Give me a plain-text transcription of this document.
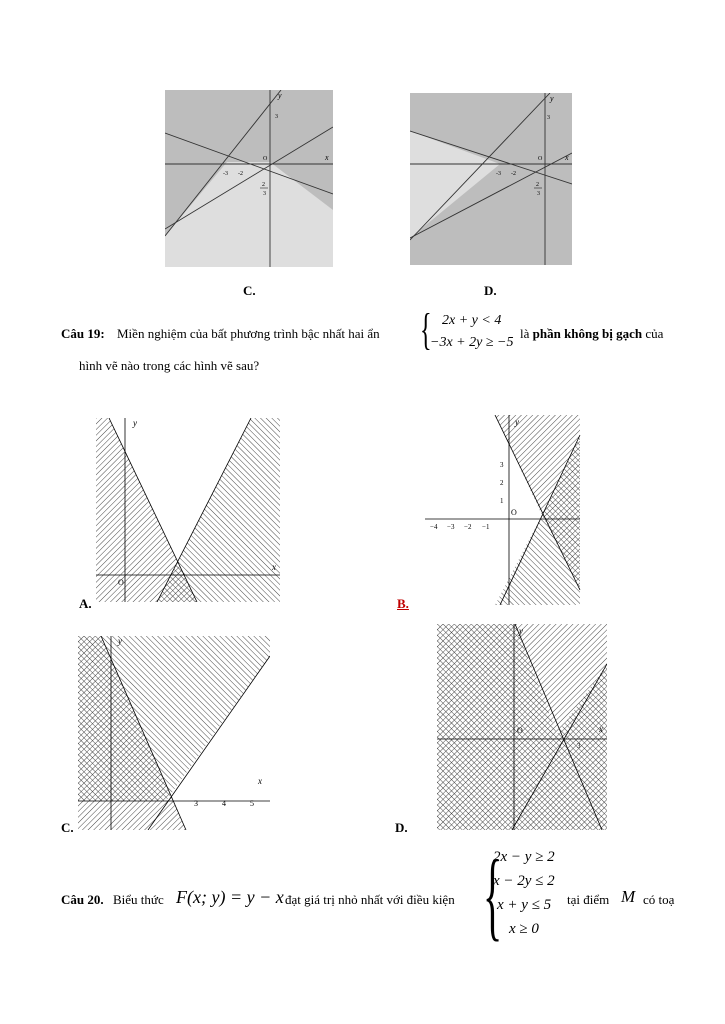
y
x
3
O
-3 -2
2
3
C.
y
x
3
O
-3 -2
2
3
D.
Câu 19: Miền nghiệm của bất phương trình bậc nhất hai ẩn { 2x + y < 4
−3x + 2y ≥ −5
là phần không bị gạch của
hình vẽ nào trong các hình vẽ sau?
y
x
O
A.
y
O
−4 −3 −2 −1
3
2
1
B.
y
x
3	4	5
C.
y
x
O
3
D.
Câu 20. Biểu thức F(x; y) = y − x đạt giá trị nhỏ nhất với điều kiện {
2x − y ≥ 2
x − 2y ≤ 2
x + y ≤ 5
x ≥ 0
tại điểm M có toạ
